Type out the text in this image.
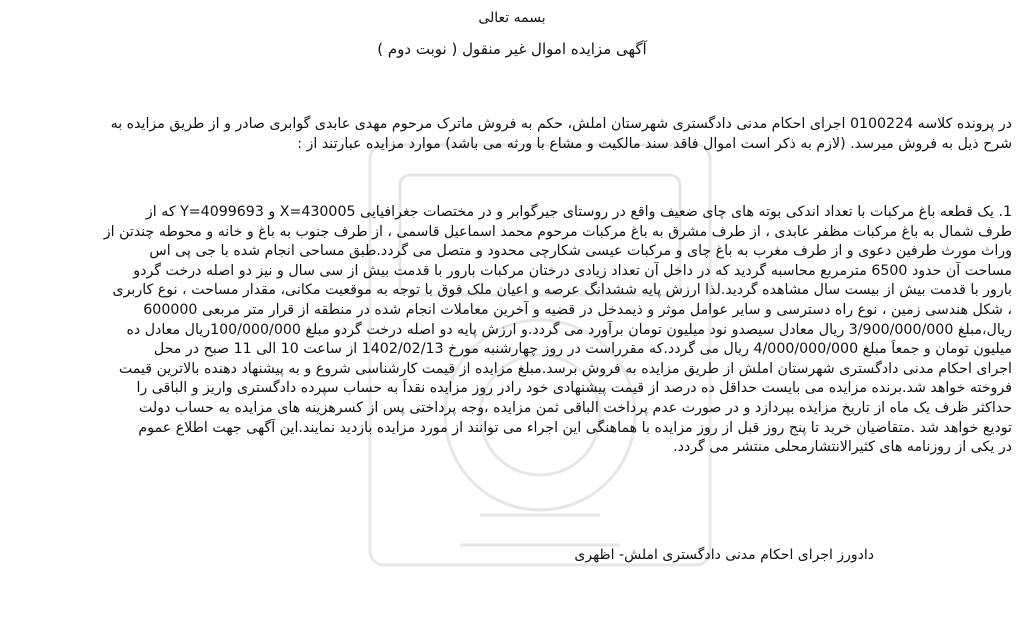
بسمه تعالی
آگهی مزایده اموال غیر منقول ( نوبت دوم )
در پرونده کلاسه 0100224 اجرای احکام مدنی دادگستری شهرستان املش، حکم به فروش ماترک مرحوم مهدی عابدی گوابری صادر و از طریق مزایده به
شرح ذیل به فروش میرسد. (لازم به ذکر است اموال فاقد سند مالکیت و مشاع با ورثه می باشد) موارد مزایده عبارتند از :
1. یک قطعه باغ مرکبات با تعداد اندکی بوته های چای ضعیف واقع در روستای جیرگوابر و در مختصات جغرافیایی X=430005 و Y=4099693 که از
طرف شمال به باغ مرکبات مظفر عابدی ، از طرف مشرق به باغ مرکبات مرحوم محمد اسماعیل قاسمی ، از طرف جنوب به باغ و خانه و محوطه چندتن از
وراث مورث طرفین دعوی و از طرف مغرب به باغ چای و مرکبات عیسی شکارچی محدود و متصل می گردد.طبق مساحی انجام شده با جی پی اس
مساحت آن حدود 6500 مترمربع محاسبه گردید که در داخل آن تعداد زیادی درختان مرکبات بارور با قدمت بیش از سی سال و نیز دو اصله درخت گردو
بارور با قدمت بیش از بیست سال مشاهده گردید.لذا ارزش پایه ششدانگ عرصه و اعیان ملک فوق با توجه به موقعیت مکانی، مقدار مساحت ، نوع کاربری
، شکل هندسی زمین ، نوع راه دسترسی و سایر عوامل موثر و ذیمدخل در قضیه و آخرین معاملات انجام شده در منطقه از قرار متر مربعی 600000
ریال،مبلغ 3/900/000/000 ریال معادل سیصدو نود میلیون تومان برآورد می گردد.و ارزش پایه دو اصله درخت گردو مبلغ 100/000/000ریال معادل ده
میلیون تومان و جمعاً مبلغ 4/000/000/000 ریال می گردد.که مقرراست در روز چهارشنبه مورخ 1402/02/13 از ساعت 10 الی 11 صبح در محل
اجرای احکام مدنی دادگستری شهرستان املش از طریق مزایده به فروش برسد.مبلغ مزایده از قیمت کارشناسی شروع و به پیشنهاد دهنده بالاترین قیمت
فروخته خواهد شد.برنده مزایده می بایست حداقل ده درصد از قیمت پیشنهادی خود رادر روز مزایده نقداً به حساب سپرده دادگستری واریز و الباقی را
حداکثر ظرف یک ماه از تاریخ مزایده بپردازد و در صورت عدم پرداخت الباقی ثمن مزایده ،وجه پرداختی پس از کسرهزینه های مزایده به حساب دولت
تودیع خواهد شد .متقاضیان خرید تا پنج روز قبل از روز مزایده با هماهنگی این اجراء می توانند از مورد مزایده بازدید نمایند.این آگهی جهت اطلاع عموم
در یکی از روزنامه های کثیرالانتشارمحلی منتشر می گردد.
دادورز اجرای احکام مدنی دادگستری املش- اظهری
